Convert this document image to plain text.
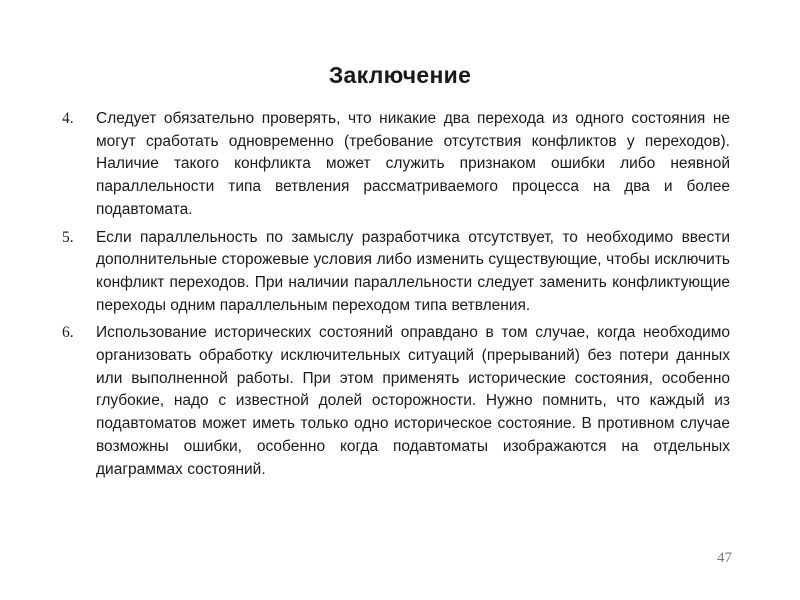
Заключение
4.	Следует обязательно проверять, что никакие два перехода из одного состояния не могут сработать одновременно (требование отсутствия конфликтов у переходов). Наличие такого конфликта может служить признаком ошибки либо неявной параллельности типа ветвления рассматриваемого процесса на два и более подавтомата.
5.	Если параллельность по замыслу разработчика отсутствует, то необходимо ввести дополнительные сторожевые условия либо изменить существующие, чтобы исключить конфликт переходов. При наличии параллельности следует заменить конфликтующие переходы одним параллельным переходом типа ветвления.
6.	Использование исторических состояний оправдано в том случае, когда необходимо организовать обработку исключительных ситуаций (прерываний) без потери данных или выполненной работы. При этом применять исторические состояния, особенно глубокие, надо с известной долей осторожности. Нужно помнить, что каждый из подавтоматов может иметь только одно историческое состояние. В противном случае возможны ошибки, особенно когда подавтоматы изображаются на отдельных диаграммах состояний.
47
